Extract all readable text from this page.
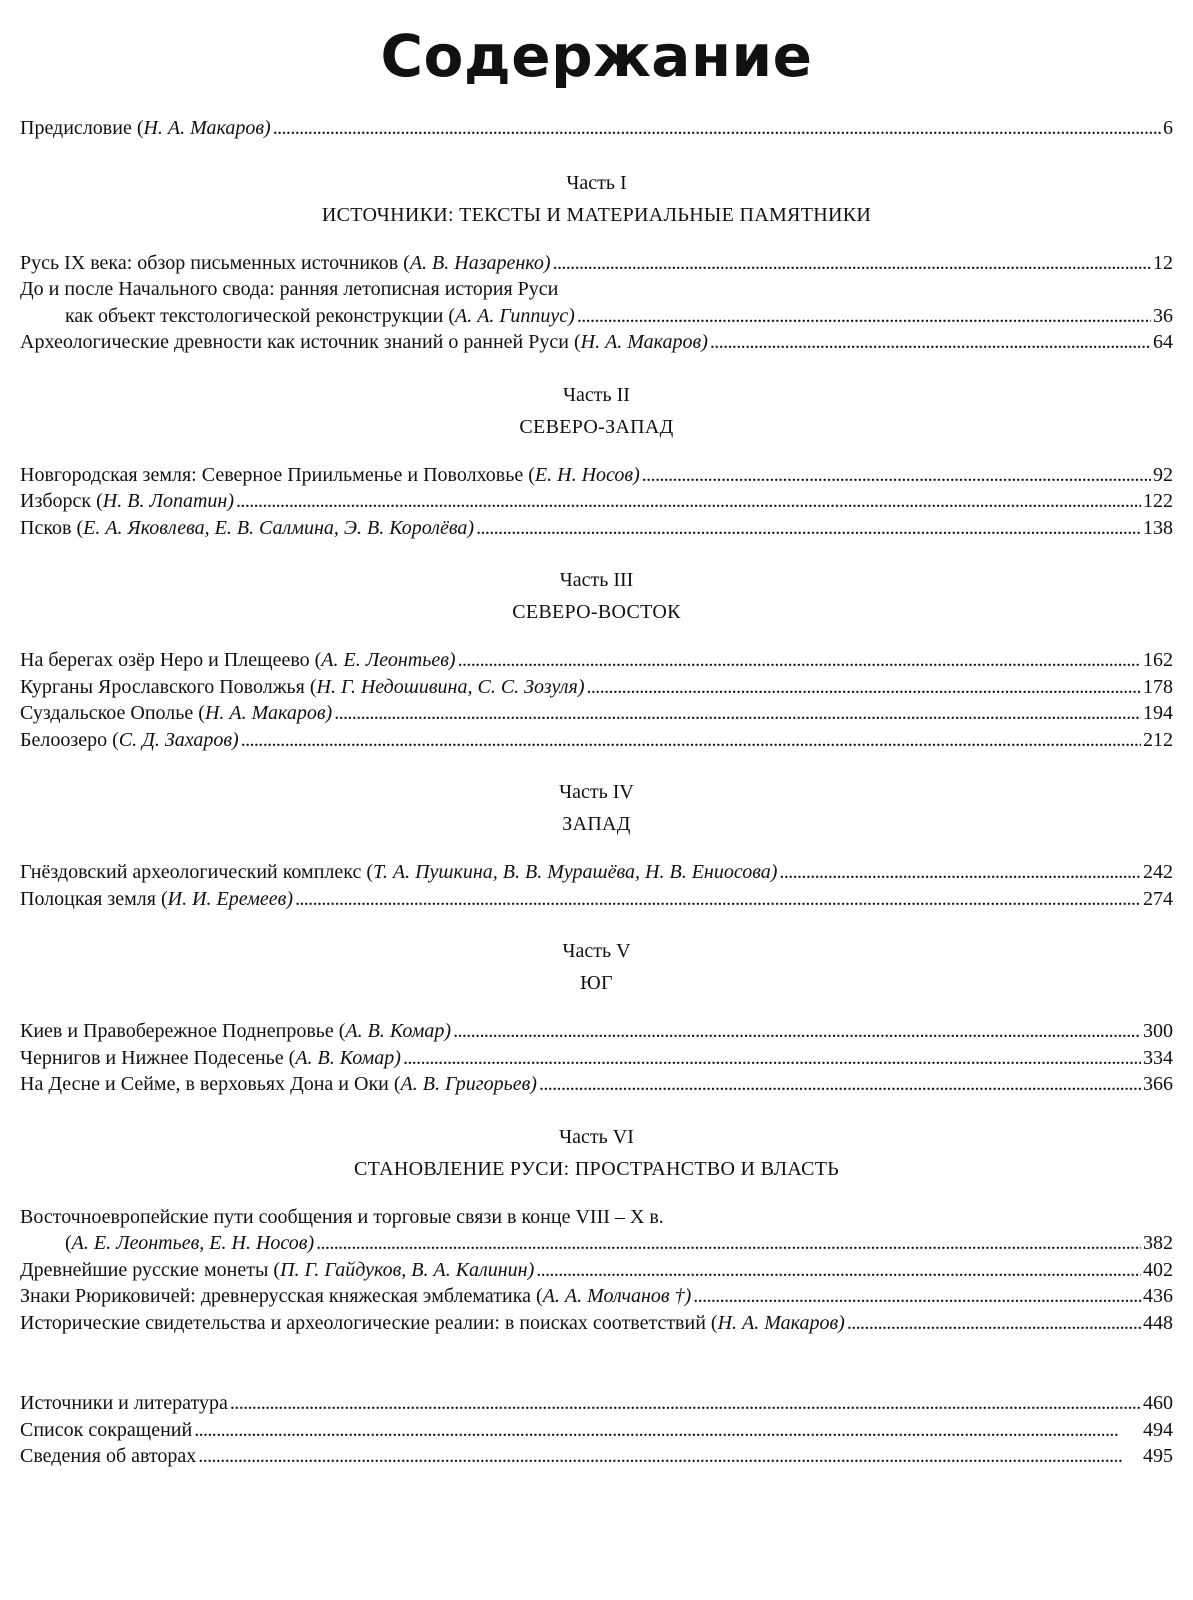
Содержание
Предисловие (Н. А. Макаров) . . .	6
Часть I
ИСТОЧНИКИ: ТЕКСТЫ И МАТЕРИАЛЬНЫЕ ПАМЯТНИКИ
Русь IX века: обзор письменных источников (А. В. Назаренко) . . .	12
До и после Начального свода: ранняя летописная история Руси
как объект текстологической реконструкции (А. А. Гиппиус) . . .	36
Археологические древности как источник знаний о ранней Руси (Н. А. Макаров) . . .	64
Часть II
СЕВЕРО-ЗАПАД
Новгородская земля: Северное Приильменье и Поволховье (Е. Н. Носов) . . .	92
Изборск (Н. В. Лопатин) . . .	122
Псков (Е. А. Яковлева, Е. В. Салмина, Э. В. Королёва) . . .	138
Часть III
СЕВЕРО-ВОСТОК
На берегах озёр Неро и Плещеево (А. Е. Леонтьев) . . .	162
Курганы Ярославского Поволжья (Н. Г. Недошивина, С. С. Зозуля) . . .	178
Суздальское Ополье (Н. А. Макаров) . . .	194
Белоозеро (С. Д. Захаров) . . .	212
Часть IV
ЗАПАД
Гнёздовский археологический комплекс (Т. А. Пушкина, В. В. Мурашёва, Н. В. Ениосова) . . .	242
Полоцкая земля (И. И. Еремеев) . . .	274
Часть V
ЮГ
Киев и Правобережное Поднепровье (А. В. Комар) . . .	300
Чернигов и Нижнее Подесенье (А. В. Комар) . . .	334
На Десне и Сейме, в верховьях Дона и Оки (А. В. Григорьев) . . .	366
Часть VI
СТАНОВЛЕНИЕ РУСИ: ПРОСТРАНСТВО И ВЛАСТЬ
Восточноевропейские пути сообщения и торговые связи в конце VIII – X в.
(А. Е. Леонтьев, Е. Н. Носов) . . .	382
Древнейшие русские монеты (П. Г. Гайдуков, В. А. Калинин) . . .	402
Знаки Рюриковичей: древнерусская княжеская эмблематика (А. А. Молчанов †) . . .	436
Исторические свидетельства и археологические реалии: в поисках соответствий (Н. А. Макаров) . . .	448
Источники и литература . . .	460
Список сокращений . . .	494
Сведения об авторах . . .	495
